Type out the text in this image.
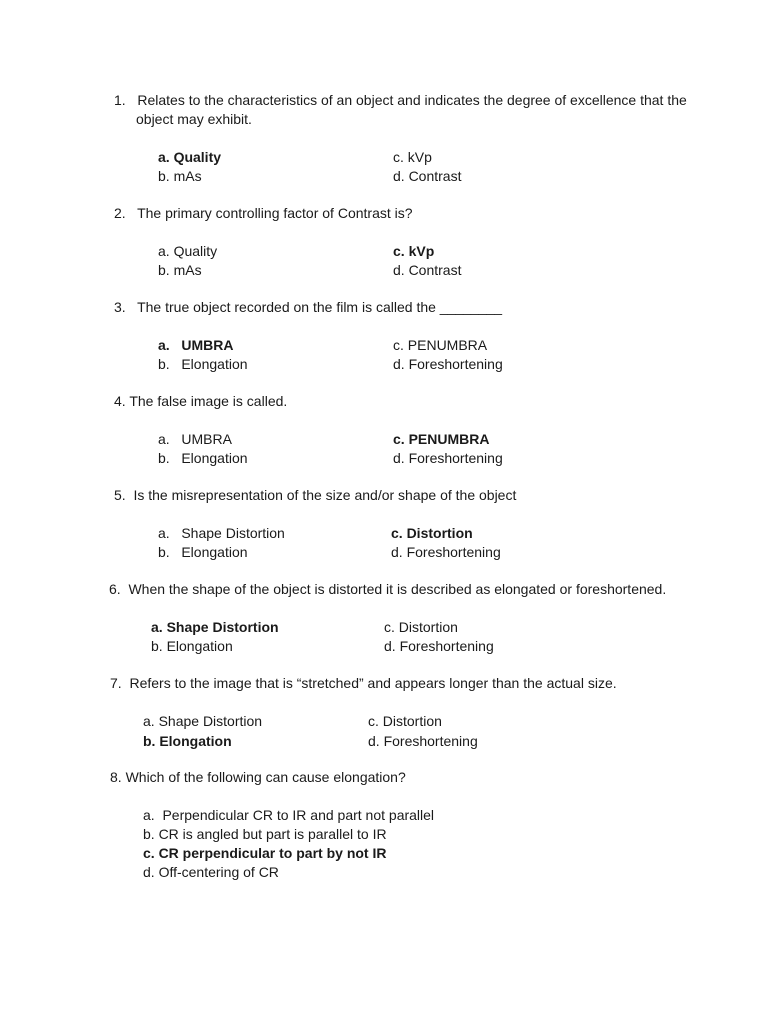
1.   Relates to the characteristics of an object and indicates the degree of excellence that the
object may exhibit.
a. Quality	c. kVp
b. mAs	d. Contrast
2.   The primary controlling factor of Contrast is?
a. Quality	c. kVp
b. mAs	d. Contrast
3.   The true object recorded on the film is called the ________
a.   UMBRA	c. PENUMBRA
b.   Elongation	d. Foreshortening
4. The false image is called.
a.   UMBRA	c. PENUMBRA
b.   Elongation	d. Foreshortening
5.  Is the misrepresentation of the size and/or shape of the object
a.   Shape Distortion	c. Distortion
b.   Elongation	d. Foreshortening
6.  When the shape of the object is distorted it is described as elongated or foreshortened.
a. Shape Distortion	c. Distortion
b. Elongation	d. Foreshortening
7.  Refers to the image that is “stretched” and appears longer than the actual size.
a. Shape Distortion	c. Distortion
b. Elongation	d. Foreshortening
8. Which of the following can cause elongation?
a.  Perpendicular CR to IR and part not parallel
b. CR is angled but part is parallel to IR
c. CR perpendicular to part by not IR
d. Off-centering of CR
